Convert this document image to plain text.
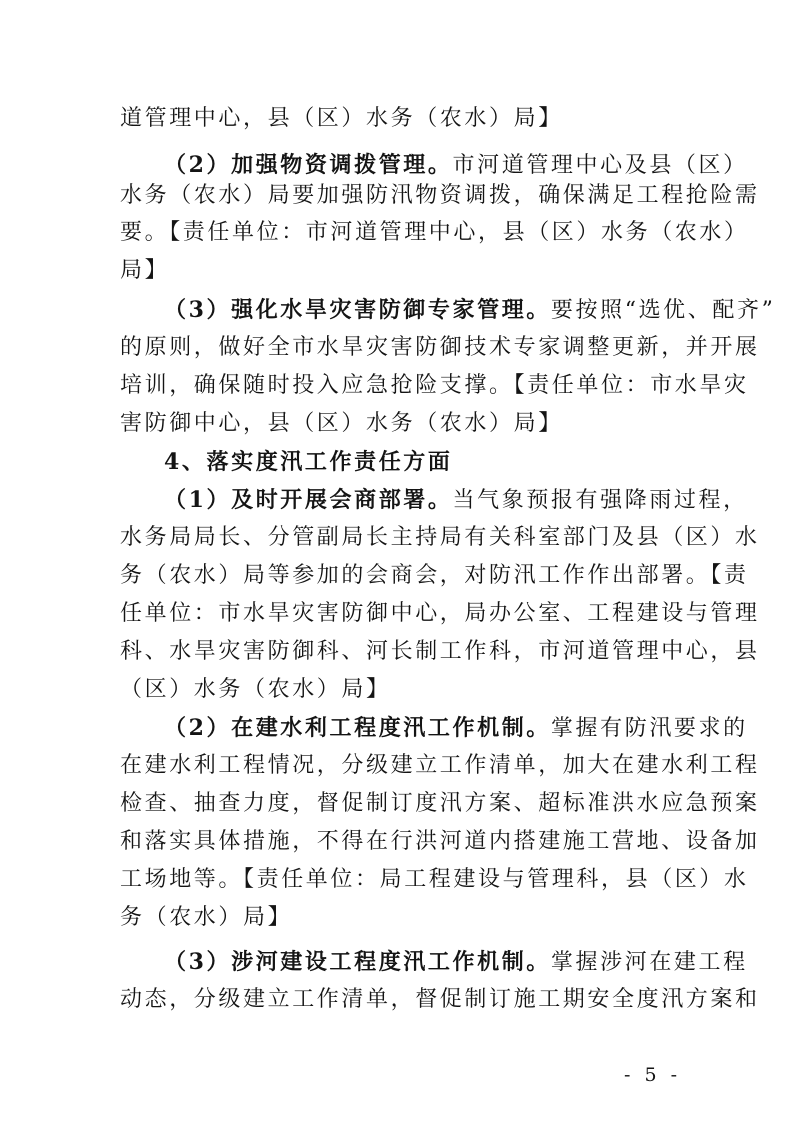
道管理中心，县（区）水务（农水）局】
（2）加强物资调拨管理。市河道管理中心及县（区）
水务（农水）局要加强防汛物资调拨，确保满足工程抢险需
要。【责任单位：市河道管理中心，县（区）水务（农水）
局】
（3）强化水旱灾害防御专家管理。要按照“选优、配齐”
的原则，做好全市水旱灾害防御技术专家调整更新，并开展
培训，确保随时投入应急抢险支撑。【责任单位：市水旱灾
害防御中心，县（区）水务（农水）局】
4、落实度汛工作责任方面
（1）及时开展会商部署。当气象预报有强降雨过程，
水务局局长、分管副局长主持局有关科室部门及县（区）水
务（农水）局等参加的会商会，对防汛工作作出部署。【责
任单位：市水旱灾害防御中心，局办公室、工程建设与管理
科、水旱灾害防御科、河长制工作科，市河道管理中心，县
（区）水务（农水）局】
（2）在建水利工程度汛工作机制。掌握有防汛要求的
在建水利工程情况，分级建立工作清单，加大在建水利工程
检查、抽查力度，督促制订度汛方案、超标准洪水应急预案
和落实具体措施，不得在行洪河道内搭建施工营地、设备加
工场地等。【责任单位：局工程建设与管理科，县（区）水
务（农水）局】
（3）涉河建设工程度汛工作机制。掌握涉河在建工程
动态，分级建立工作清单，督促制订施工期安全度汛方案和
- 5 -
